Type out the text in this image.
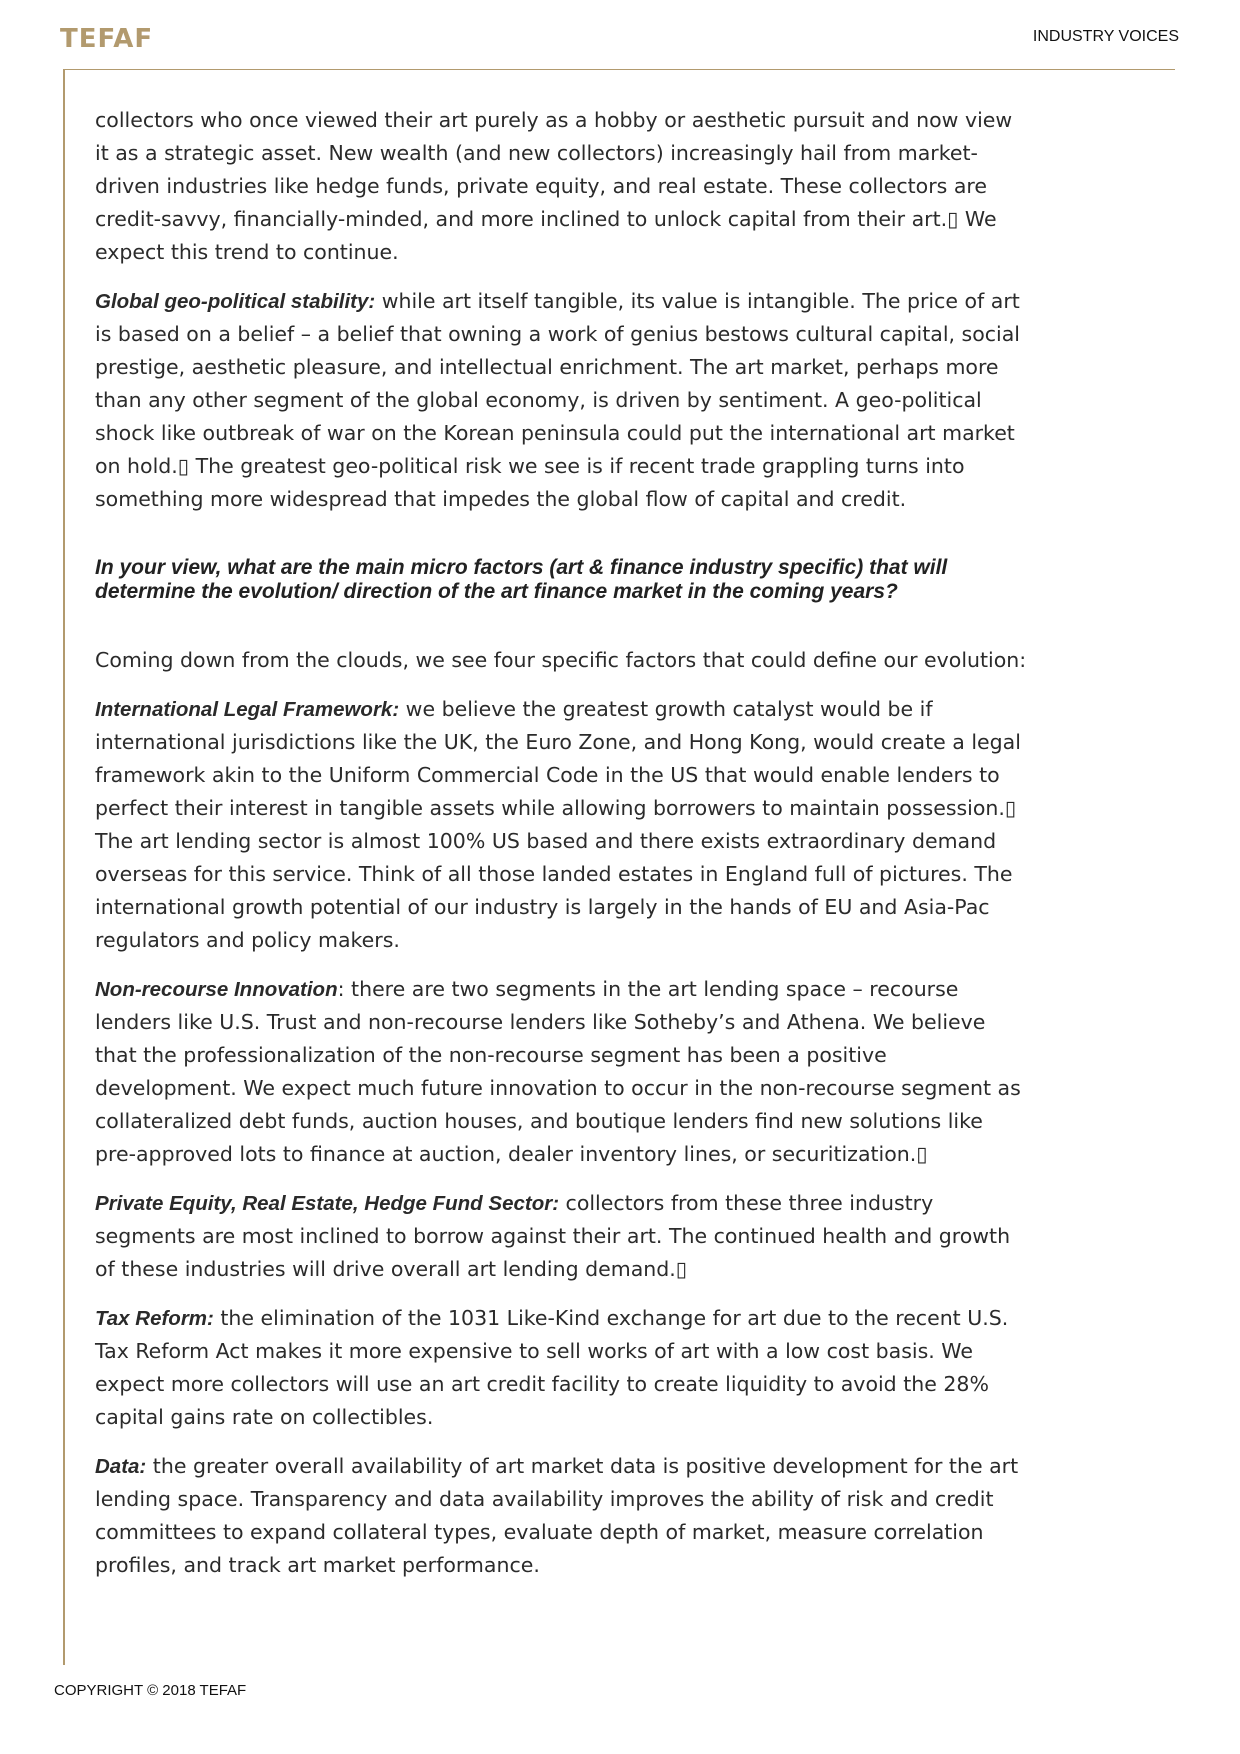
TEFAF	INDUSTRY VOICES

collectors who once viewed their art purely as a hobby or aesthetic pursuit and now view it as a strategic asset. New wealth (and new collectors) increasingly hail from market-driven industries like hedge funds, private equity, and real estate. These collectors are credit-savvy, financially-minded, and more inclined to unlock capital from their art.▯ We expect this trend to continue.

Global geo-political stability: while art itself tangible, its value is intangible. The price of art is based on a belief – a belief that owning a work of genius bestows cultural capital, social prestige, aesthetic pleasure, and intellectual enrichment. The art market, perhaps more than any other segment of the global economy, is driven by sentiment. A geo-political shock like outbreak of war on the Korean peninsula could put the international art market on hold.▯ The greatest geo-political risk we see is if recent trade grappling turns into something more widespread that impedes the global flow of capital and credit.

In your view, what are the main micro factors (art & finance industry specific) that will determine the evolution/ direction of the art finance market in the coming years?

Coming down from the clouds, we see four specific factors that could define our evolution:

International Legal Framework: we believe the greatest growth catalyst would be if international jurisdictions like the UK, the Euro Zone, and Hong Kong, would create a legal framework akin to the Uniform Commercial Code in the US that would enable lenders to perfect their interest in tangible assets while allowing borrowers to maintain possession.▯ The art lending sector is almost 100% US based and there exists extraordinary demand overseas for this service. Think of all those landed estates in England full of pictures. The international growth potential of our industry is largely in the hands of EU and Asia-Pac regulators and policy makers.

Non-recourse Innovation: there are two segments in the art lending space – recourse lenders like U.S. Trust and non-recourse lenders like Sotheby’s and Athena. We believe that the professionalization of the non-recourse segment has been a positive development. We expect much future innovation to occur in the non-recourse segment as collateralized debt funds, auction houses, and boutique lenders find new solutions like pre-approved lots to finance at auction, dealer inventory lines, or securitization.▯

Private Equity, Real Estate, Hedge Fund Sector: collectors from these three industry segments are most inclined to borrow against their art. The continued health and growth of these industries will drive overall art lending demand.▯

Tax Reform: the elimination of the 1031 Like-Kind exchange for art due to the recent U.S. Tax Reform Act makes it more expensive to sell works of art with a low cost basis. We expect more collectors will use an art credit facility to create liquidity to avoid the 28% capital gains rate on collectibles.

Data: the greater overall availability of art market data is positive development for the art lending space. Transparency and data availability improves the ability of risk and credit committees to expand collateral types, evaluate depth of market, measure correlation profiles, and track art market performance.

COPYRIGHT © 2018 TEFAF
